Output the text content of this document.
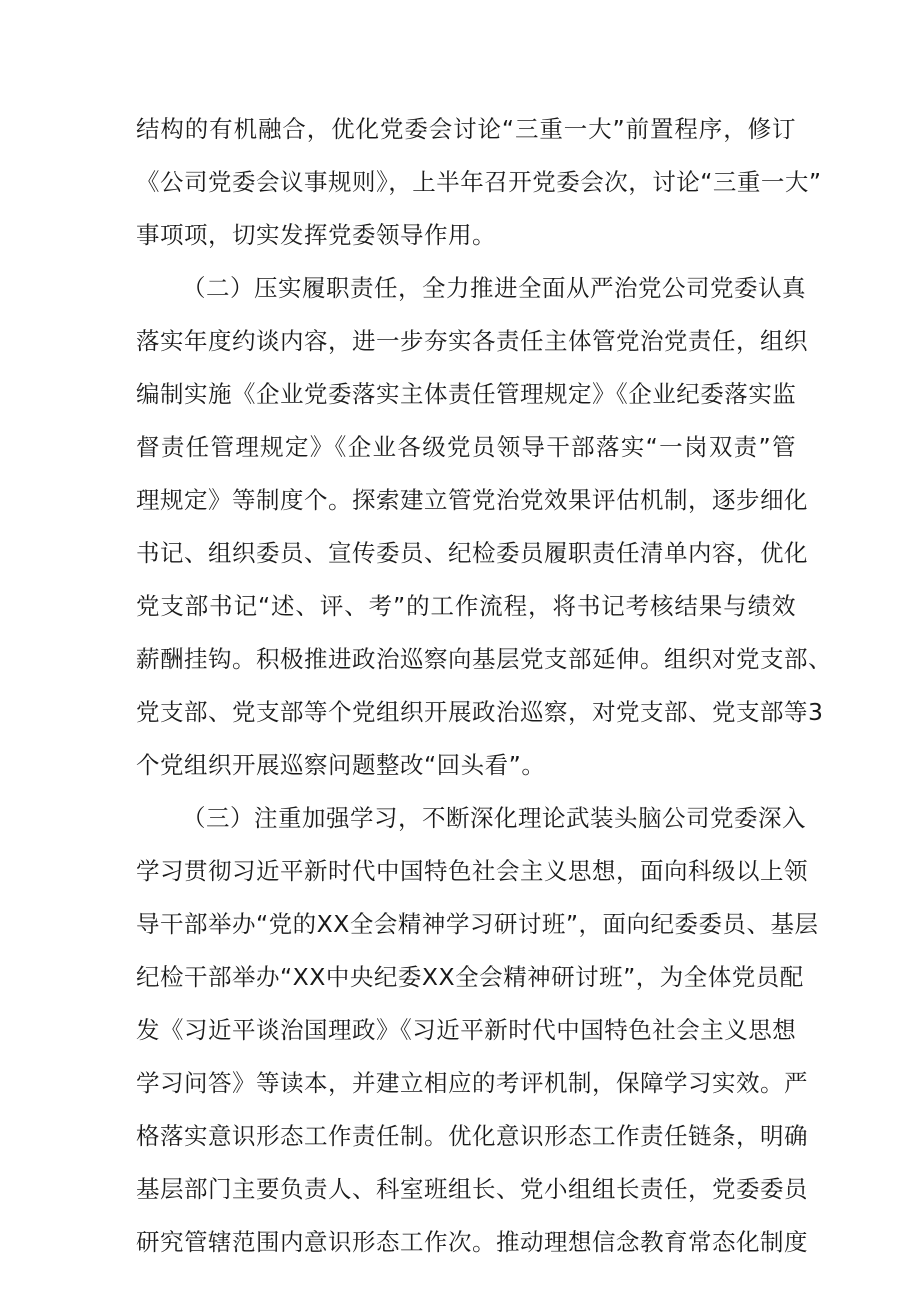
结构的有机融合，优化党委会讨论“三重一大”前置程序，修订
《公司党委会议事规则》，上半年召开党委会次，讨论“三重一大”
事项项，切实发挥党委领导作用。
（二）压实履职责任，全力推进全面从严治党公司党委认真
落实年度约谈内容，进一步夯实各责任主体管党治党责任，组织
编制实施《企业党委落实主体责任管理规定》《企业纪委落实监
督责任管理规定》《企业各级党员领导干部落实“一岗双责”管
理规定》等制度个。探索建立管党治党效果评估机制，逐步细化
书记、组织委员、宣传委员、纪检委员履职责任清单内容，优化
党支部书记“述、评、考”的工作流程，将书记考核结果与绩效
薪酬挂钩。积极推进政治巡察向基层党支部延伸。组织对党支部、
党支部、党支部等个党组织开展政治巡察，对党支部、党支部等3
个党组织开展巡察问题整改“回头看”。
（三）注重加强学习，不断深化理论武装头脑公司党委深入
学习贯彻习近平新时代中国特色社会主义思想，面向科级以上领
导干部举办“党的XX全会精神学习研讨班”，面向纪委委员、基层
纪检干部举办“XX中央纪委XX全会精神研讨班”，为全体党员配
发《习近平谈治国理政》《习近平新时代中国特色社会主义思想
学习问答》等读本，并建立相应的考评机制，保障学习实效。严
格落实意识形态工作责任制。优化意识形态工作责任链条，明确
基层部门主要负责人、科室班组长、党小组组长责任，党委委员
研究管辖范围内意识形态工作次。推动理想信念教育常态化制度
